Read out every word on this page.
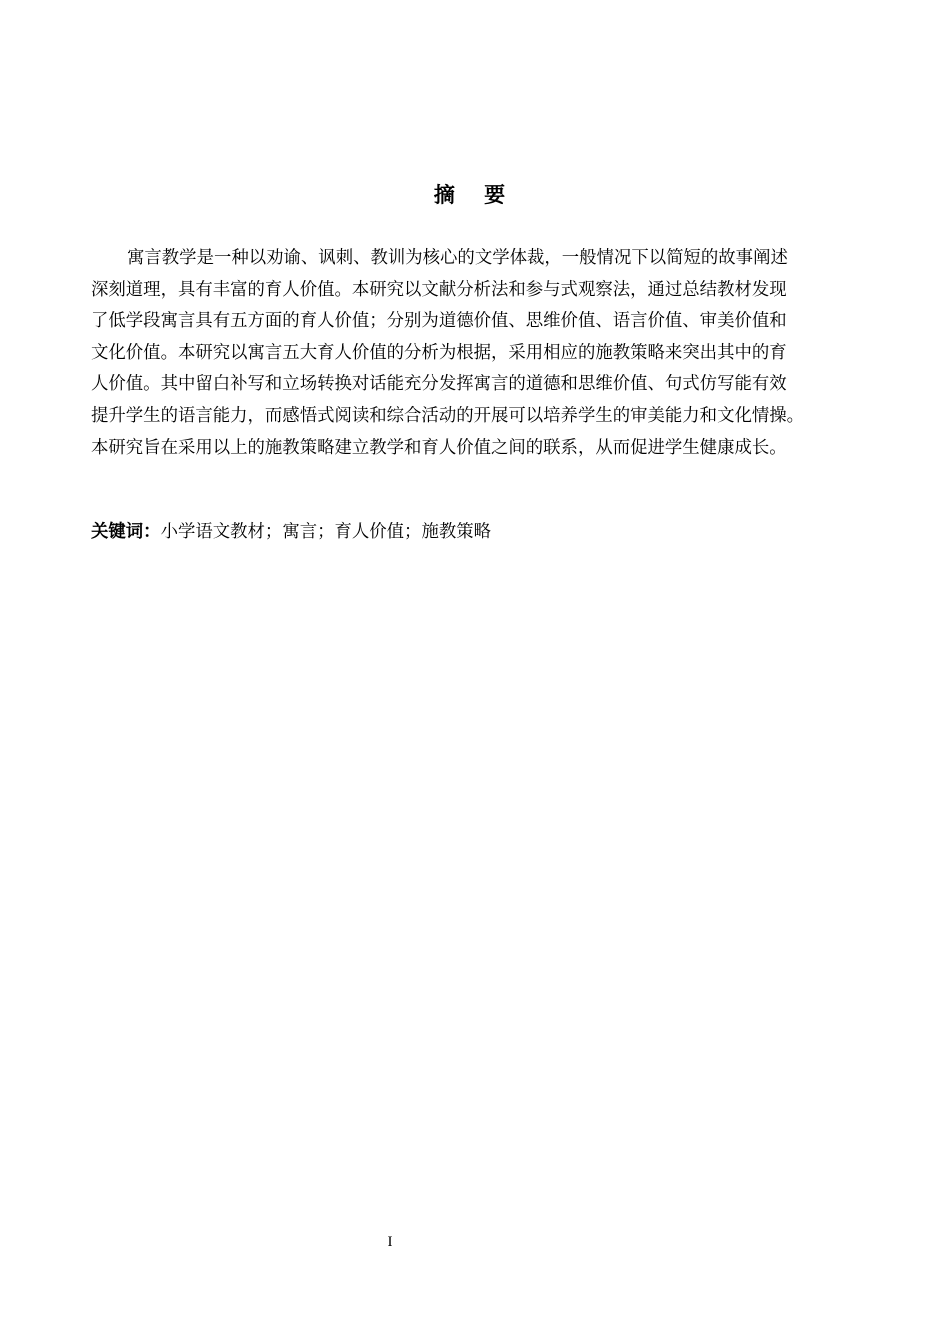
摘 要
寓言教学是一种以劝谕、讽刺、教训为核心的文学体裁，一般情况下以简短的故事阐述
深刻道理，具有丰富的育人价值。本研究以文献分析法和参与式观察法，通过总结教材发现
了低学段寓言具有五方面的育人价值；分别为道德价值、思维价值、语言价值、审美价值和
文化价值。本研究以寓言五大育人价值的分析为根据，采用相应的施教策略来突出其中的育
人价值。其中留白补写和立场转换对话能充分发挥寓言的道德和思维价值、句式仿写能有效
提升学生的语言能力，而感悟式阅读和综合活动的开展可以培养学生的审美能力和文化情操。
本研究旨在采用以上的施教策略建立教学和育人价值之间的联系，从而促进学生健康成长。
关键词：小学语文教材；寓言；育人价值；施教策略
I
